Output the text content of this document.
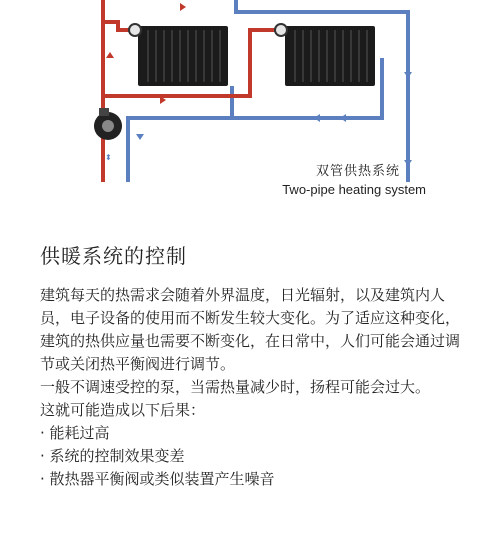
⬍
双管供热系统
Two-pipe heating system
供暖系统的控制

建筑每天的热需求会随着外界温度，日光辐射，以及建筑内人员，电子设备的使用而不断发生较大变化。为了适应这种变化，建筑的热供应量也需要不断变化，在日常中，人们可能会通过调节或关闭热平衡阀进行调节。

一般不调速受控的泵，当需热量减少时，扬程可能会过大。

这就可能造成以下后果：

· 能耗过高

· 系统的控制效果变差

· 散热器平衡阀或类似装置产生噪音
